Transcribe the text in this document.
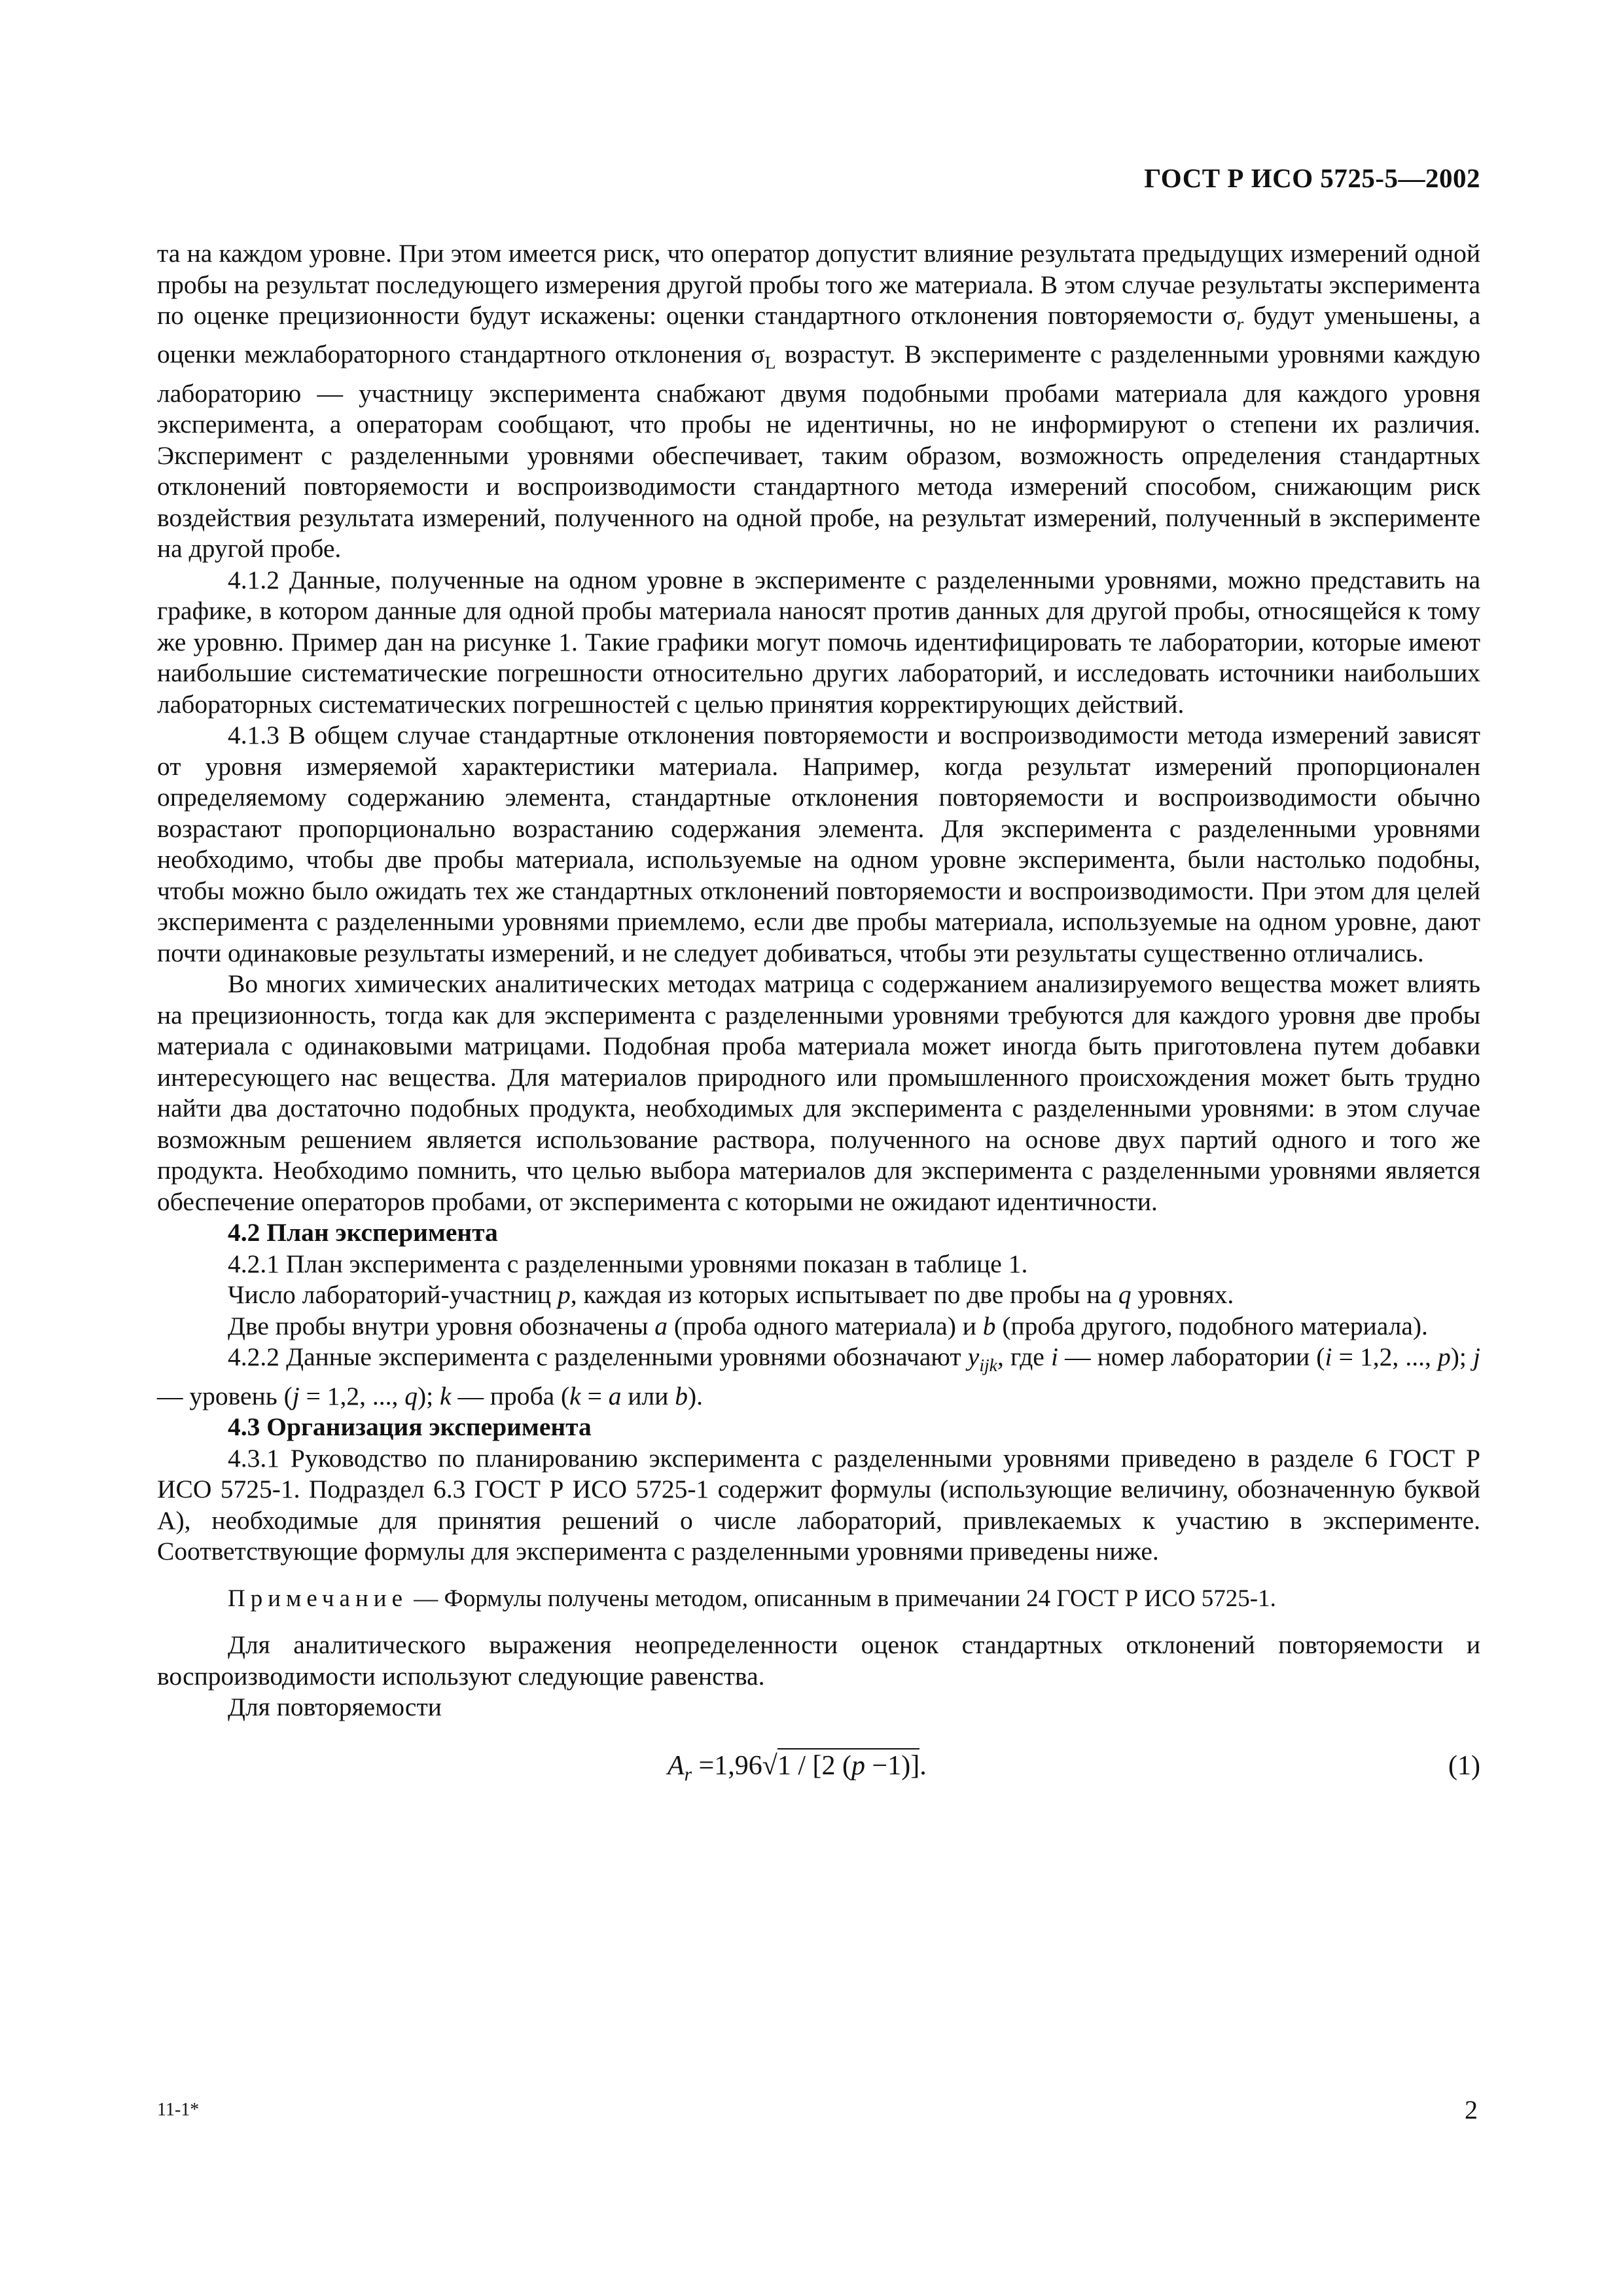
ГОСТ Р ИСО 5725-5—2002

та на каждом уровне. При этом имеется риск, что оператор допустит влияние результата предыдущих измерений одной пробы на результат последующего измерения другой пробы того же материала. В этом случае результаты эксперимента по оценке прецизионности будут искажены: оценки стандартного отклонения повторяемости $\sigma_r$ будут уменьшены, а оценки межлабораторного стандартного отклонения $\sigma_L$ возрастут. В эксперименте с разделенными уровнями каждую лабораторию — участницу эксперимента снабжают двумя подобными пробами материала для каждого уровня эксперимента, а операторам сообщают, что пробы не идентичны, но не информируют о степени их различия. Эксперимент с разделенными уровнями обеспечивает, таким образом, возможность определения стандартных отклонений повторяемости и воспроизводимости стандартного метода измерений способом, снижающим риск воздействия результата измерений, полученного на одной пробе, на результат измерений, полученный в эксперименте на другой пробе.

4.1.2 Данные, полученные на одном уровне в эксперименте с разделенными уровнями, можно представить на графике, в котором данные для одной пробы материала наносят против данных для другой пробы, относящейся к тому же уровню. Пример дан на рисунке 1. Такие графики могут помочь идентифицировать те лаборатории, которые имеют наибольшие систематические погрешности относительно других лабораторий, и исследовать источники наибольших лабораторных систематических погрешностей с целью принятия корректирующих действий.

4.1.3 В общем случае стандартные отклонения повторяемости и воспроизводимости метода измерений зависят от уровня измеряемой характеристики материала. Например, когда результат измерений пропорционален определяемому содержанию элемента, стандартные отклонения повторяемости и воспроизводимости обычно возрастают пропорционально возрастанию содержания элемента. Для эксперимента с разделенными уровнями необходимо, чтобы две пробы материала, используемые на одном уровне эксперимента, были настолько подобны, чтобы можно было ожидать тех же стандартных отклонений повторяемости и воспроизводимости. При этом для целей эксперимента с разделенными уровнями приемлемо, если две пробы материала, используемые на одном уровне, дают почти одинаковые результаты измерений, и не следует добиваться, чтобы эти результаты существенно отличались.

Во многих химических аналитических методах матрица с содержанием анализируемого вещества может влиять на прецизионность, тогда как для эксперимента с разделенными уровнями требуются для каждого уровня две пробы материала с одинаковыми матрицами. Подобная проба материала может иногда быть приготовлена путем добавки интересующего нас вещества. Для материалов природного или промышленного происхождения может быть трудно найти два достаточно подобных продукта, необходимых для эксперимента с разделенными уровнями: в этом случае возможным решением является использование раствора, полученного на основе двух партий одного и того же продукта. Необходимо помнить, что целью выбора материалов для эксперимента с разделенными уровнями является обеспечение операторов пробами, от эксперимента с которыми не ожидают идентичности.

4.2 План эксперимента

4.2.1 План эксперимента с разделенными уровнями показан в таблице 1.

Число лабораторий-участниц p, каждая из которых испытывает по две пробы на q уровнях.

Две пробы внутри уровня обозначены a (проба одного материала) и b (проба другого, подобного материала).

4.2.2 Данные эксперимента с разделенными уровнями обозначают $y_{ijk}$, где i — номер лаборатории (i = 1,2, ..., p); j — уровень (j = 1,2, ..., q); k — проба (k = a или b).

4.3 Организация эксперимента

4.3.1 Руководство по планированию эксперимента с разделенными уровнями приведено в разделе 6 ГОСТ Р ИСО 5725-1. Подраздел 6.3 ГОСТ Р ИСО 5725-1 содержит формулы (использующие величину, обозначенную буквой A), необходимые для принятия решений о числе лабораторий, привлекаемых к участию в эксперименте. Соответствующие формулы для эксперимента с разделенными уровнями приведены ниже.

Примечание — Формулы получены методом, описанным в примечании 24 ГОСТ Р ИСО 5725-1.

Для аналитического выражения неопределенности оценок стандартных отклонений повторяемости и воспроизводимости используют следующие равенства.

Для повторяемости

$A_r =1,96√1 / [2$ (p −1)].	(1)
11-1*	2
